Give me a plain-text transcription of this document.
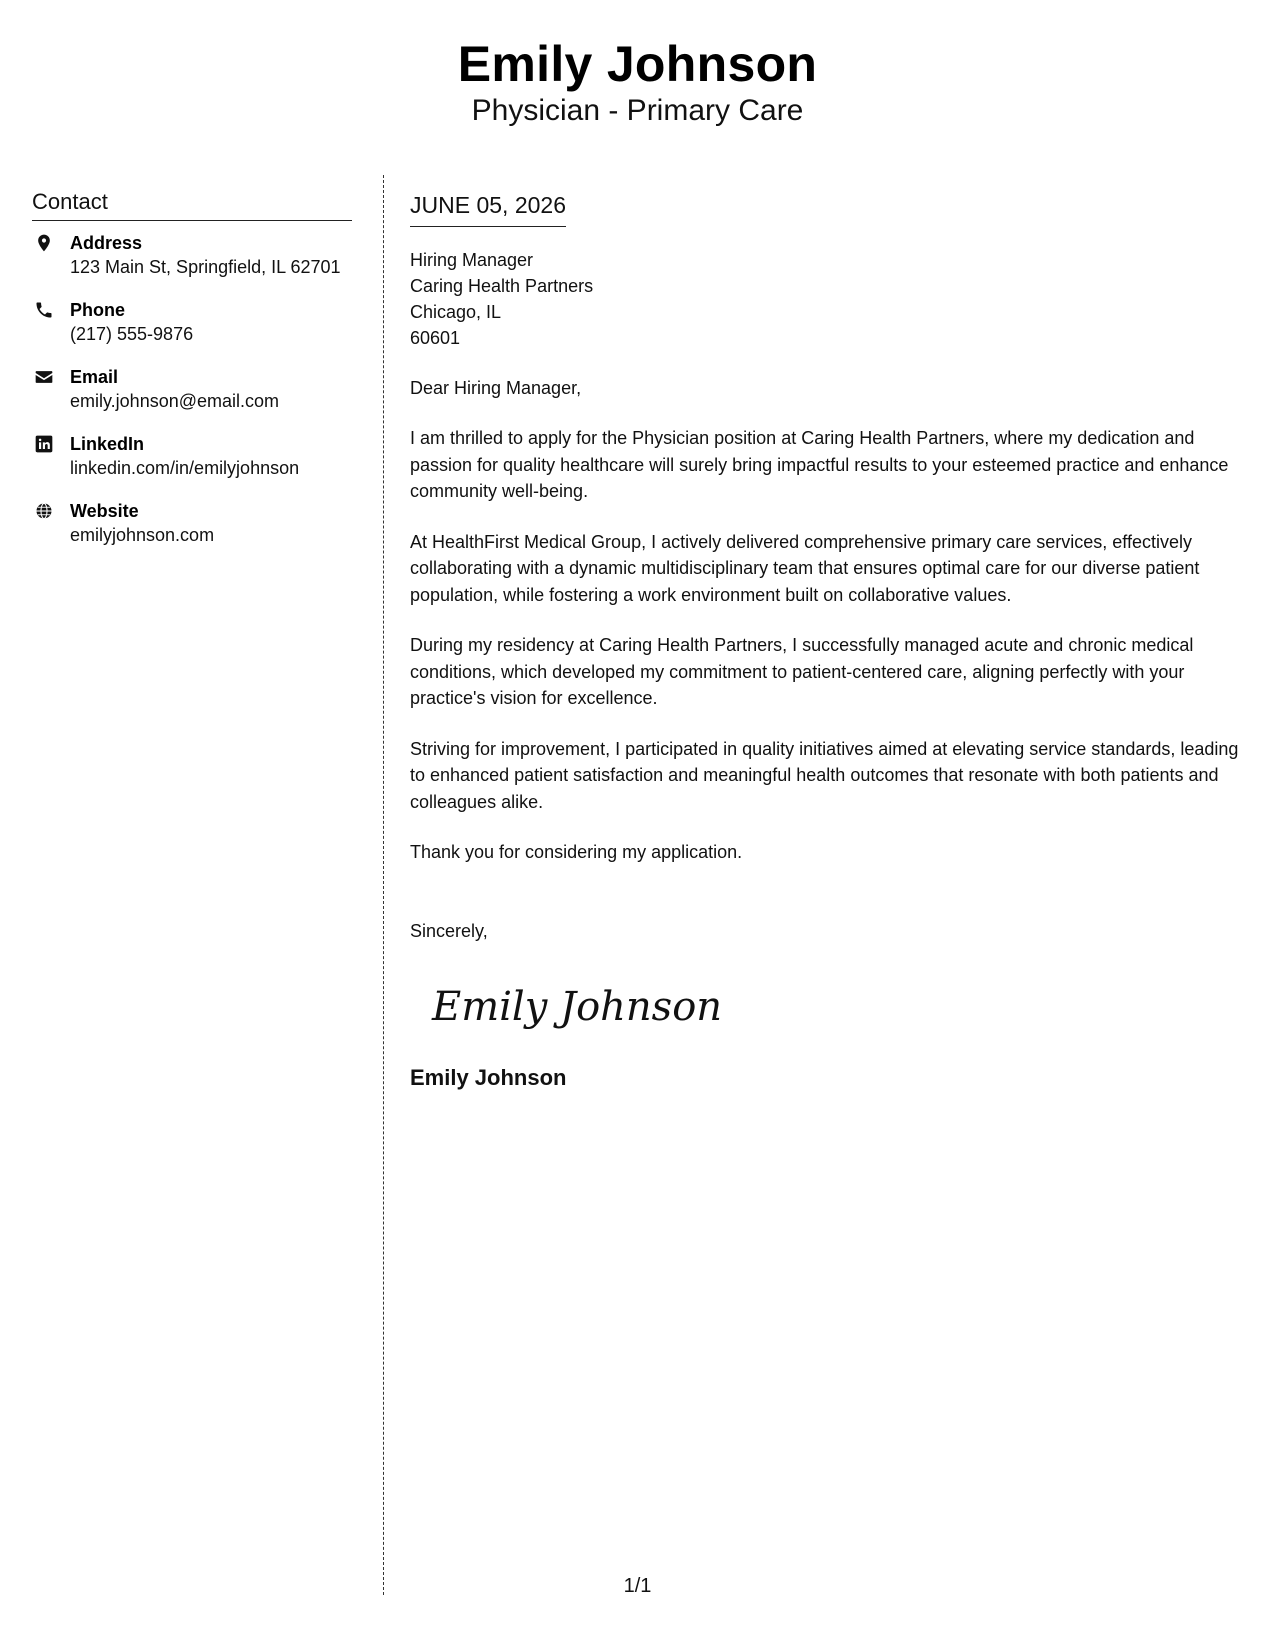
Emily Johnson
Physician - Primary Care
Contact
Address
123 Main St, Springfield, IL 62701
Phone
(217) 555-9876
Email
emily.johnson@email.com
LinkedIn
linkedin.com/in/emilyjohnson
Website
emilyjohnson.com
JUNE 05, 2026
Hiring Manager
Caring Health Partners
Chicago, IL
60601
Dear Hiring Manager,
I am thrilled to apply for the Physician position at Caring Health Partners, where my dedication and passion for quality healthcare will surely bring impactful results to your esteemed practice and enhance community well-being.
At HealthFirst Medical Group, I actively delivered comprehensive primary care services, effectively collaborating with a dynamic multidisciplinary team that ensures optimal care for our diverse patient population, while fostering a work environment built on collaborative values.
During my residency at Caring Health Partners, I successfully managed acute and chronic medical conditions, which developed my commitment to patient-centered care, aligning perfectly with your practice's vision for excellence.
Striving for improvement, I participated in quality initiatives aimed at elevating service standards, leading to enhanced patient satisfaction and meaningful health outcomes that resonate with both patients and colleagues alike.
Thank you for considering my application.
Sincerely,
Emily Johnson
Emily Johnson
1/1
